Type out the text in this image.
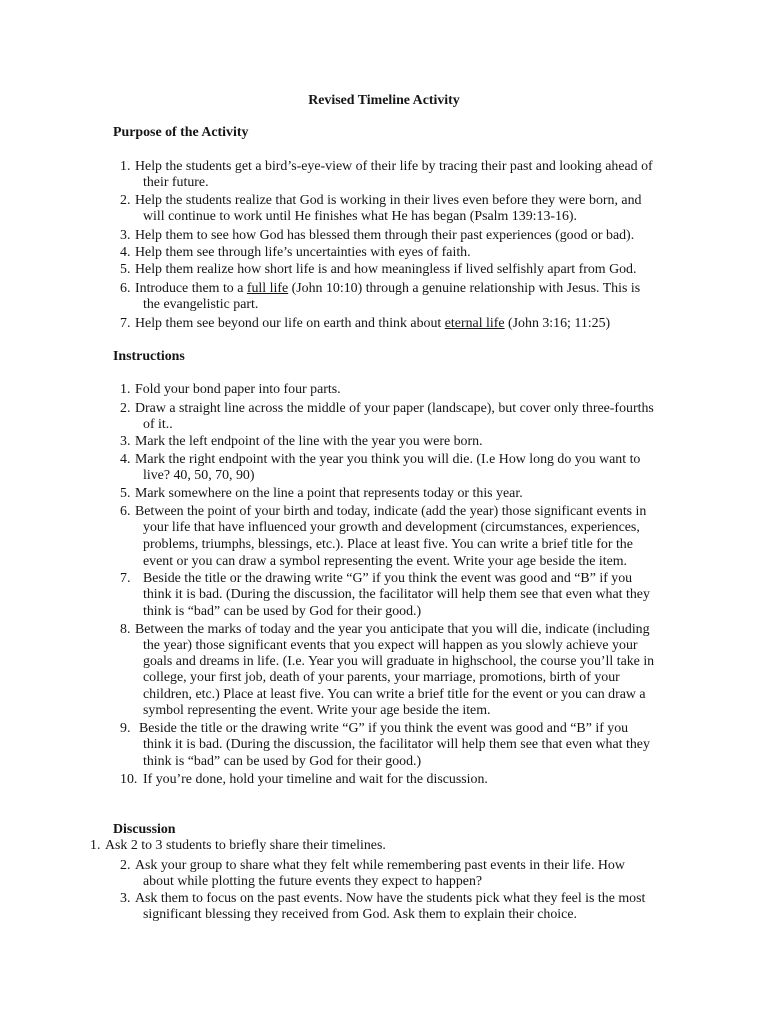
Revised Timeline Activity
Purpose of the Activity
1. Help the students get a bird’s-eye-view of their life by tracing their past and looking ahead of
their future.
2. Help the students realize that God is working in their lives even before they were born, and
will continue to work until He finishes what He has began (Psalm 139:13-16).
3. Help them to see how God has blessed them through their past experiences (good or bad).
4. Help them see through life’s uncertainties with eyes of faith.
5. Help them realize how short life is and how meaningless if lived selfishly apart from God.
6. Introduce them to a full life (John 10:10) through a genuine relationship with Jesus. This is
the evangelistic part.
7. Help them see beyond our life on earth and think about eternal life (John 3:16; 11:25)
Instructions
1. Fold your bond paper into four parts.
2. Draw a straight line across the middle of your paper (landscape), but cover only three-fourths
of it..
3. Mark the left endpoint of the line with the year you were born.
4. Mark the right endpoint with the year you think you will die. (I.e How long do you want to
live? 40, 50, 70, 90)
5. Mark somewhere on the line a point that represents today or this year.
6. Between the point of your birth and today, indicate (add the year) those significant events in
your life that have influenced your growth and development (circumstances, experiences,
problems, triumphs, blessings, etc.). Place at least five. You can write a brief title for the
event or you can draw a symbol representing the event. Write your age beside the item.
7. Beside the title or the drawing write “G” if you think the event was good and “B” if you
think it is bad. (During the discussion, the facilitator will help them see that even what they
think is “bad” can be used by God for their good.)
8. Between the marks of today and the year you anticipate that you will die, indicate (including
the year) those significant events that you expect will happen as you slowly achieve your
goals and dreams in life. (I.e. Year you will graduate in highschool, the course you’ll take in
college, your first job, death of your parents, your marriage, promotions, birth of your
children, etc.) Place at least five. You can write a brief title for the event or you can draw a
symbol representing the event. Write your age beside the item.
9. Beside the title or the drawing write “G” if you think the event was good and “B” if you
think it is bad. (During the discussion, the facilitator will help them see that even what they
think is “bad” can be used by God for their good.)
10. If you’re done, hold your timeline and wait for the discussion.
Discussion
1. Ask 2 to 3 students to briefly share their timelines.
2. Ask your group to share what they felt while remembering past events in their life. How
about while plotting the future events they expect to happen?
3. Ask them to focus on the past events. Now have the students pick what they feel is the most
significant blessing they received from God. Ask them to explain their choice.
